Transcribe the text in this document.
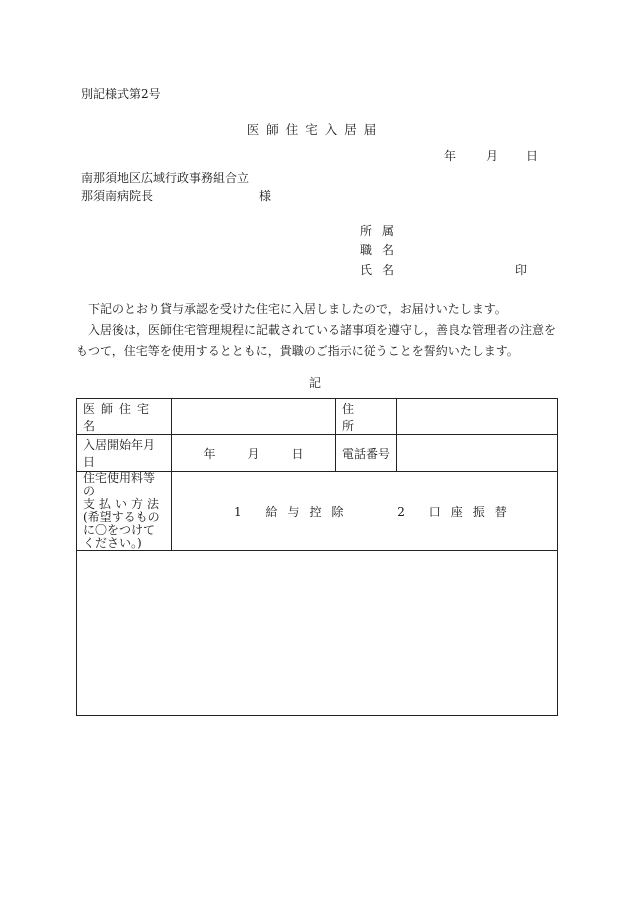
別記様式第2号
医師住宅入居届
年	月 日
南那須地区広域行政事務組合立
那須南病院長	様
所属
職名
氏名	印

下記のとおり貸与承認を受けた住宅に入居しましたので，お届けいたします。

入居後は，医師住宅管理規程に記載されている諸事項を遵守し，善良な管理者の注意をもつて，住宅等を使用するとともに，貴職のご指示に従うことを誓約いたします。

記
医師住宅名		住所	
入居開始年月日	年 月 日	電話番号	

住宅使用料等の
支払い方法
(希望するものに〇をつけてください。)	1 給与控除 2 口座振替		
